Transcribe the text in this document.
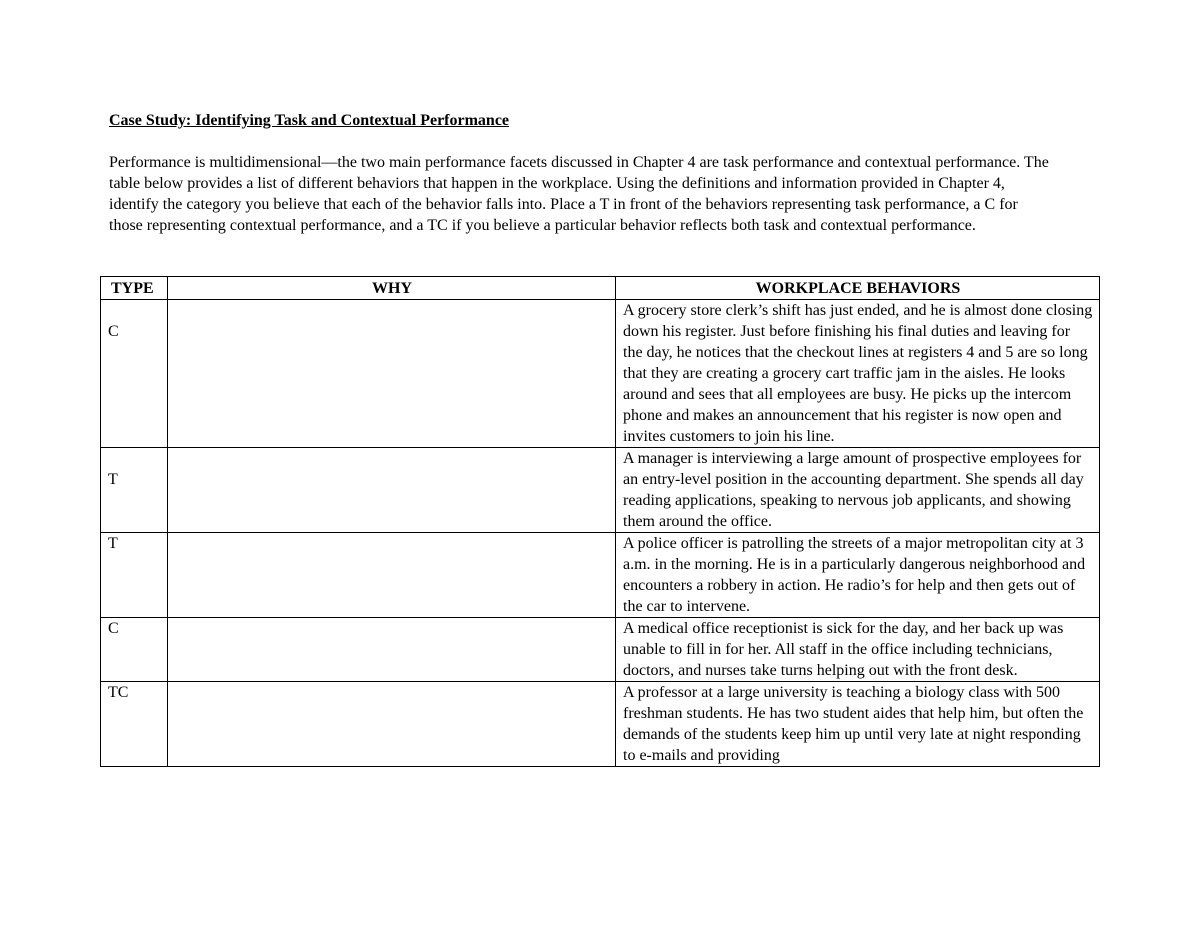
Case Study: Identifying Task and Contextual Performance

Performance is multidimensional—the two main performance facets discussed in Chapter 4 are task performance and contextual performance. The table below provides a list of different behaviors that happen in the workplace. Using the definitions and information provided in Chapter 4, identify the category you believe that each of the behavior falls into. Place a T in front of the behaviors representing task performance, a C for those representing contextual performance, and a TC if you believe a particular behavior reflects both task and contextual performance.

TYPE	WHY	WORKPLACE BEHAVIORS
C		A grocery store clerk’s shift has just ended, and he is almost done closing down his register. Just before finishing his final duties and leaving for the day, he notices that the checkout lines at registers 4 and 5 are so long that they are creating a grocery cart traffic jam in the aisles. He looks around and sees that all employees are busy. He picks up the intercom phone and makes an announcement that his register is now open and invites customers to join his line.
T		A manager is interviewing a large amount of prospective employees for an entry-level position in the accounting department. She spends all day reading applications, speaking to nervous job applicants, and showing them around the office.
T		A police officer is patrolling the streets of a major metropolitan city at 3 a.m. in the morning. He is in a particularly dangerous neighborhood and encounters a robbery in action. He radio’s for help and then gets out of the car to intervene.
C		A medical office receptionist is sick for the day, and her back up was unable to fill in for her. All staff in the office including technicians, doctors, and nurses take turns helping out with the front desk.
TC		A professor at a large university is teaching a biology class with 500 freshman students. He has two student aides that help him, but often the demands of the students keep him up until very late at night responding to e-mails and providing
